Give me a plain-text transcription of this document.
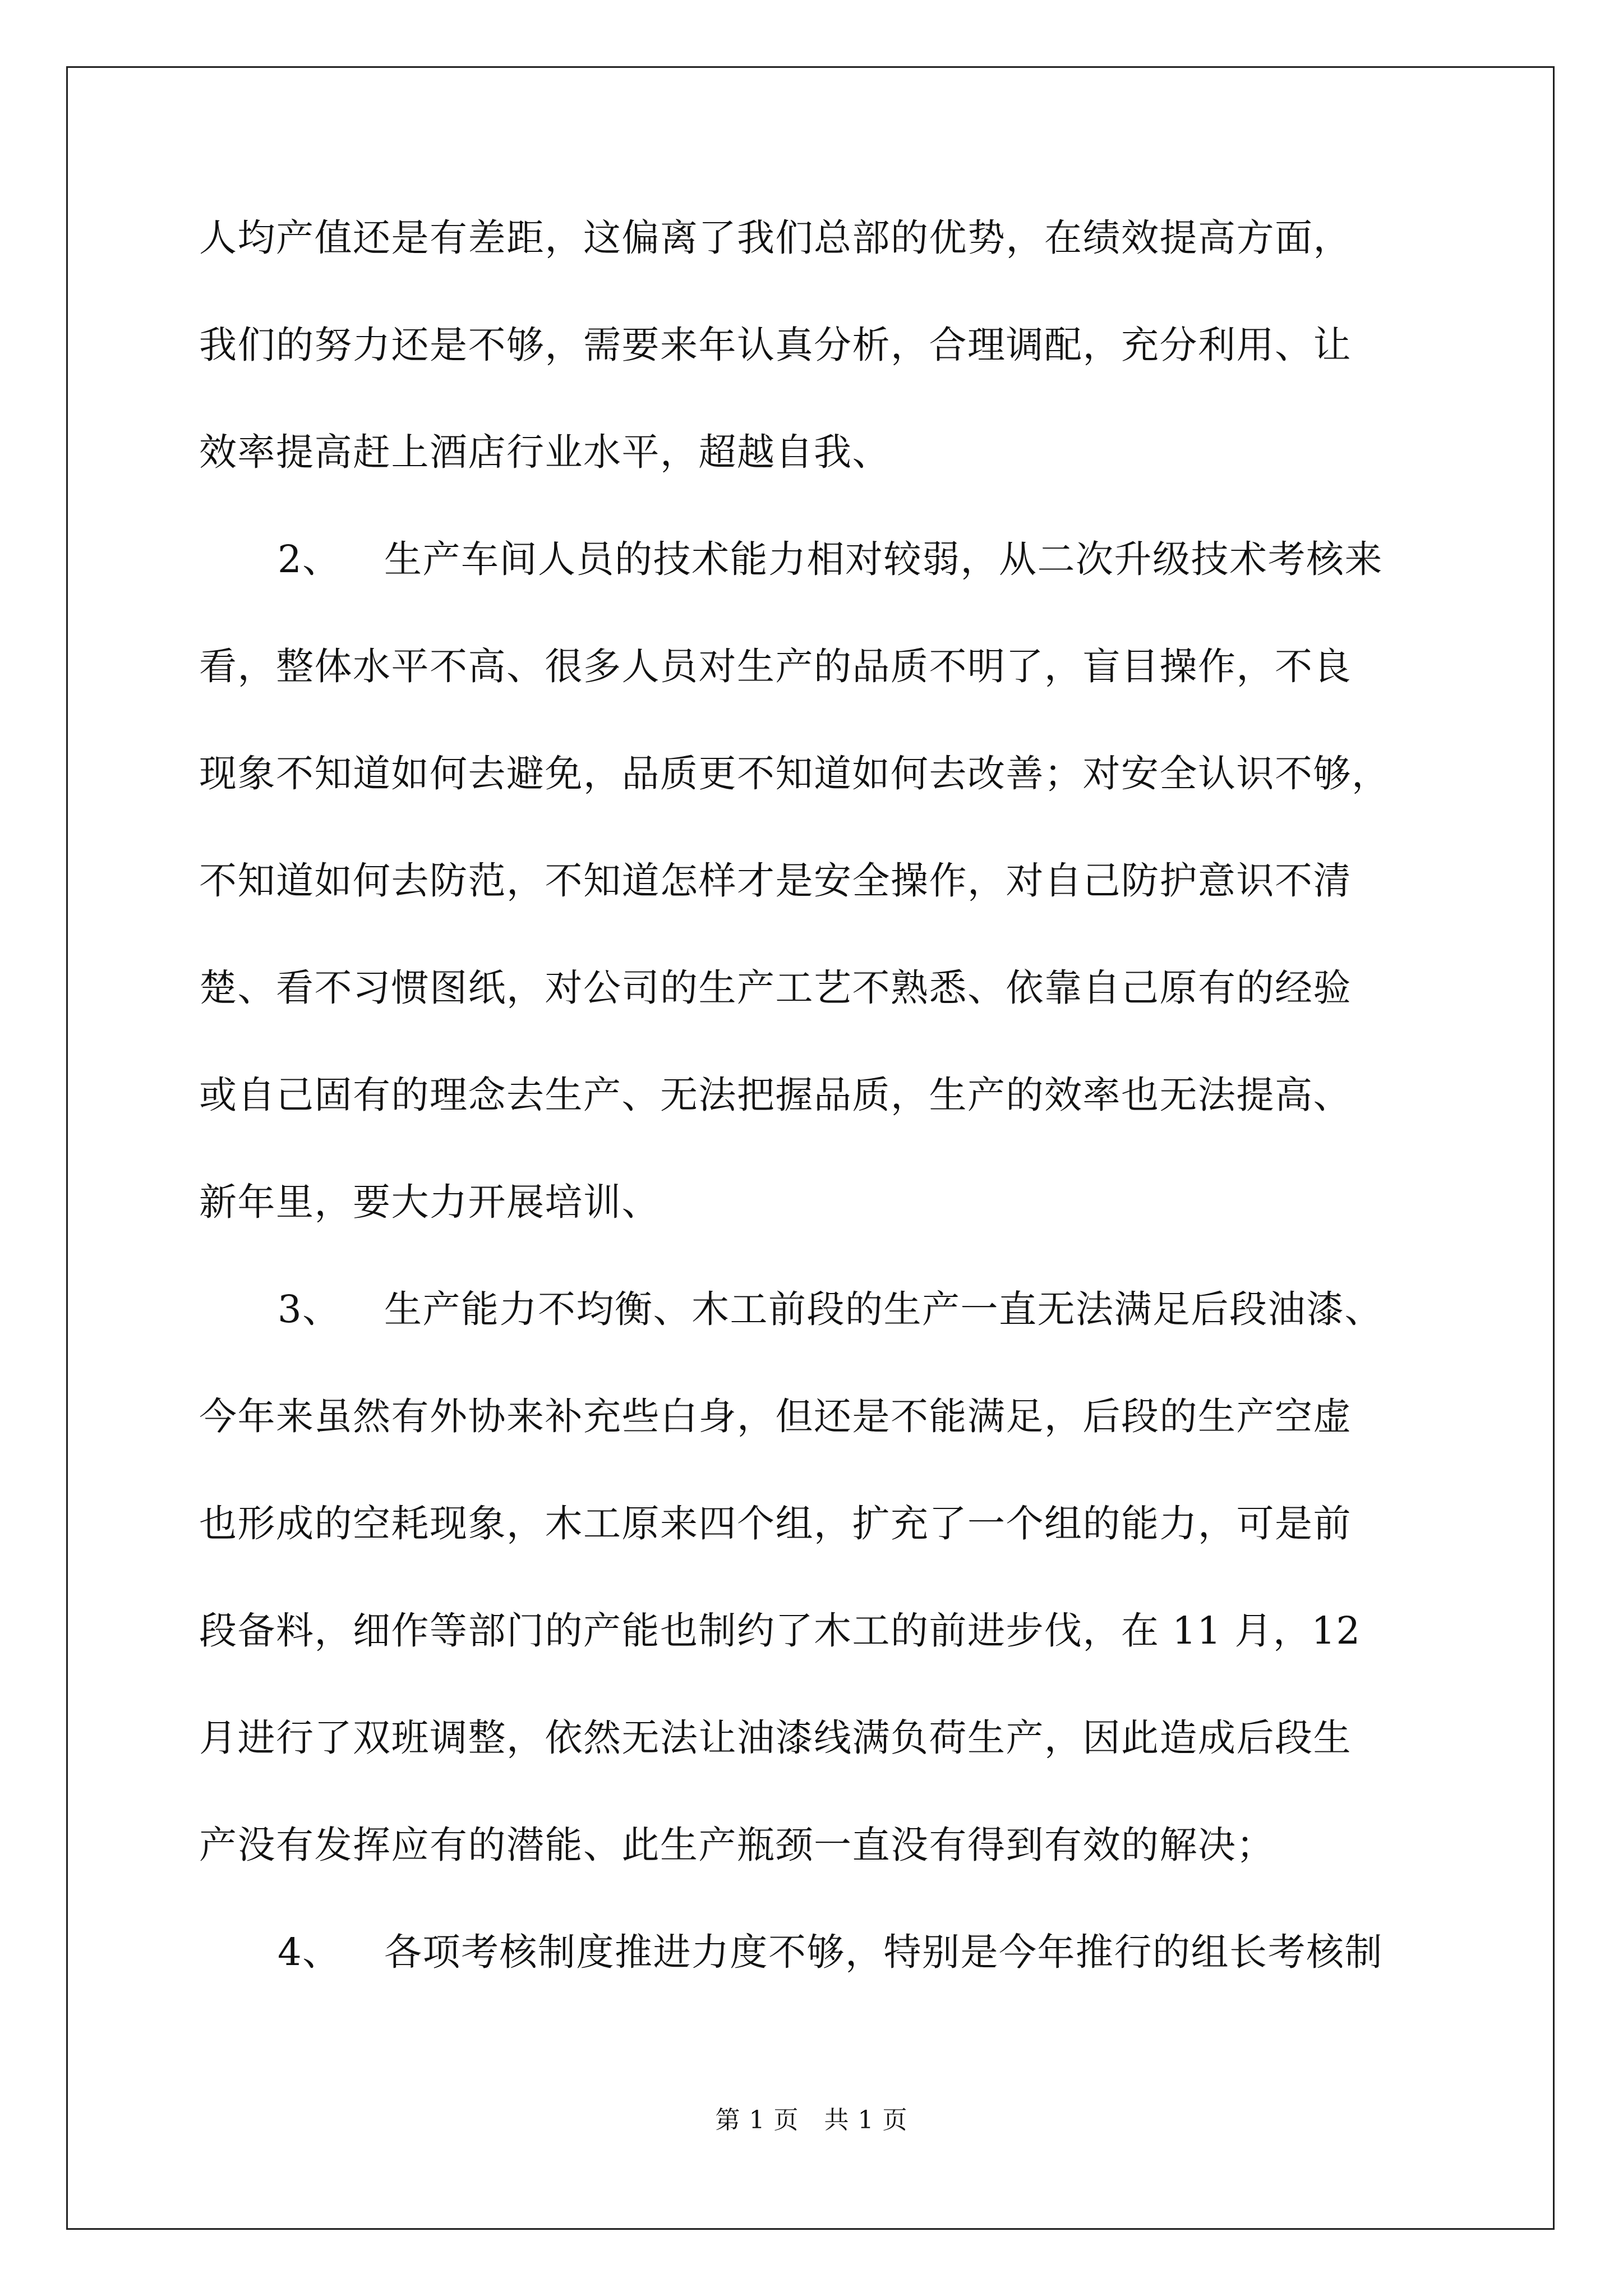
人均产值还是有差距，这偏离了我们总部的优势，在绩效提高方面，
我们的努力还是不够，需要来年认真分析，合理调配，充分利用、让
效率提高赶上酒店行业水平，超越自我、
2、 生产车间人员的技术能力相对较弱，从二次升级技术考核来
看，整体水平不高、很多人员对生产的品质不明了，盲目操作，不良
现象不知道如何去避免，品质更不知道如何去改善；对安全认识不够，
不知道如何去防范，不知道怎样才是安全操作，对自己防护意识不清
楚、看不习惯图纸，对公司的生产工艺不熟悉、依靠自己原有的经验
或自己固有的理念去生产、无法把握品质，生产的效率也无法提高、
新年里，要大力开展培训、
3、 生产能力不均衡、木工前段的生产一直无法满足后段油漆、
今年来虽然有外协来补充些白身，但还是不能满足，后段的生产空虚
也形成的空耗现象，木工原来四个组，扩充了一个组的能力，可是前
段备料，细作等部门的产能也制约了木工的前进步伐，在 11 月，12
月进行了双班调整，依然无法让油漆线满负荷生产，因此造成后段生
产没有发挥应有的潜能、此生产瓶颈一直没有得到有效的解决；
4、 各项考核制度推进力度不够，特别是今年推行的组长考核制
第 1 页　共 1 页
